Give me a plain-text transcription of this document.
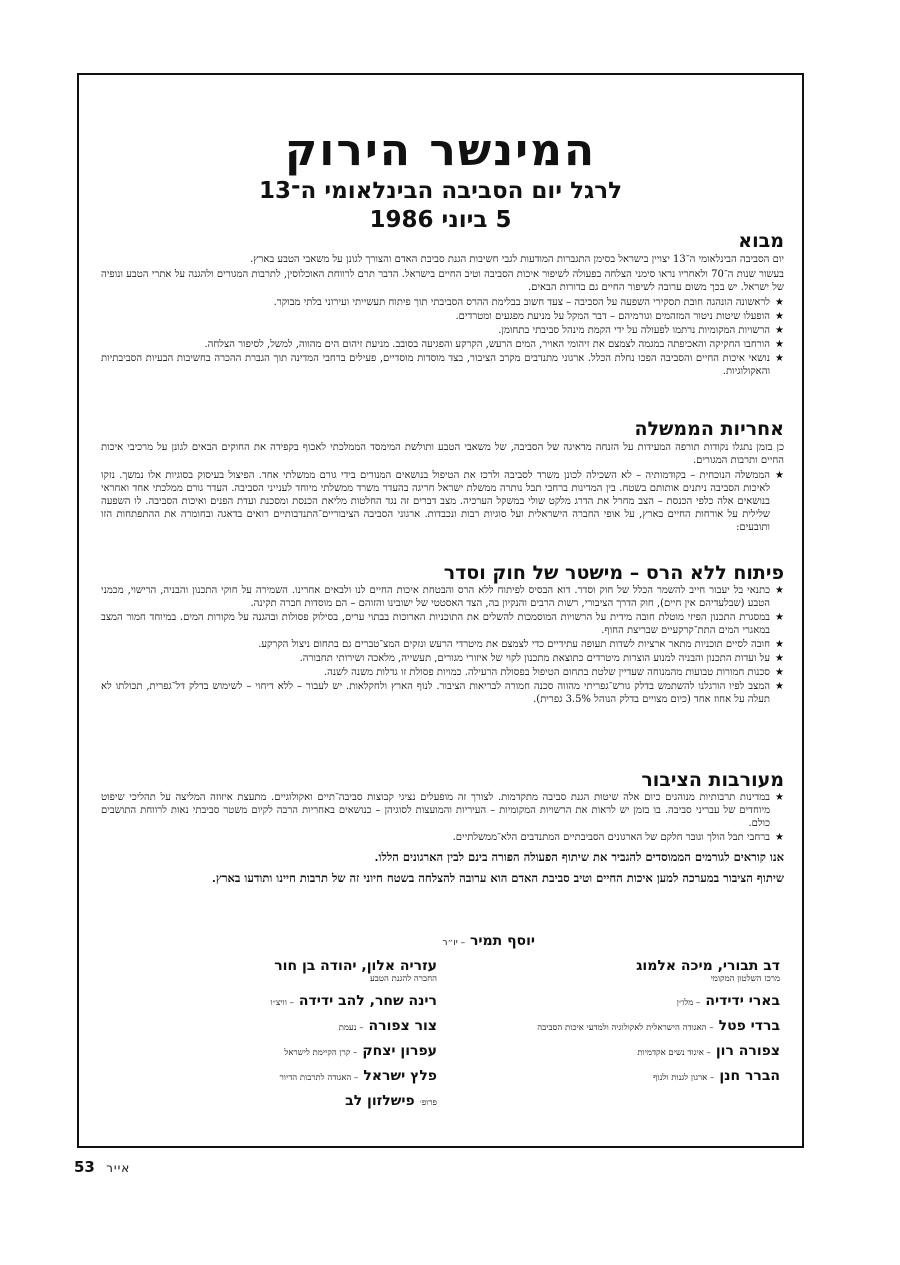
המינשר הירוק
לרגל יום הסביבה הבינלאומי ה־13
5 ביוני 1986
מבוא

יום הסביבה הבינלאומי ה־13 יצויין בישראל בסימן התגברות המודעות לגבי חשיבות הגנת סביבת האדם והצורך לגונן על משאבי הטבע בארץ.

בעשור שנות ה־70 ולאחריו נראו סימני הצלחה בפעולה לשיפור איכות הסביבה וטיב החיים בישראל. הדבר תרם לרווחת האוכלוסין, לתרבות המגורים ולהגנה על אתרי הטבע ונופיה של ישראל. יש בכך משום ערובה לשיפור החיים גם בדורות הבאים.

★
לראשונה הונהגה חובת תסקירי השפעה על הסביבה – צעד חשוב בבלימת ההרס הסביבתי תוך פיתוח תעשייתי ועירוני בלתי מבוקר.
★
הופעלו שיטות ניטור המזהמים וגורמיהם – דבר המקל על מניעת מפגעים ומטרדים.
★
הרשויות המקומיות נרתמו לפעולה על ידי הקמת מינהל סביבתי בתחומן.
★
הורחבו החקיקה והאכיפתה במגמה לצמצם את זיהומי האויר, המים הרעש, הקרקע והפגיעה בסובב. מניעת זיהום הים מהווה, למשל, לסיפור הצלחה.
★
נושאי איכות החיים והסביבה הפכו נחלת הכלל. ארגוני מתנדבים מקרב הציבור, בצד מוסדות מוסדיים, פעילים ברחבי המדינה תוך הגברת ההכרה בחשיבות הבעיות הסביבתיות והאקולוגיות.
אחריות הממשלה

כן בזמן נתגלו נקודות תורפה המעידות על הזנחה מדאיגה של הסביבה, של משאבי הטבע ותולשת המימסד הממלכתי לאכוף בקפידה את החוקים הבאים לגונן על מרכיבי איכות החיים ותרבות המגורים.

★
הממשלה הנוכחית – בקודמותיה – לא השכילה לכונן משרד לסביבה ולרכז את הטיפול בנושאים המנורים בידי גורם ממשלתי אחד. הפיצול בעיסוק בסוגיות אלו נמשך. נזקו לאיכות הסביבה ניתנים אותותם בשטח. בין המדינות ברחבי תבל נותרה ממשלת ישראל חריגה בהעדר משרד ממשלתי מיוחד לענייני הסביבה. העדר גורם ממלכתי אחד ואחראי בנושאים אלה כלפי הכנסת – הצב מחרל את הדרג מלקט שולי במשקל הערכיה. מצב דברים זה נגד החלטות מליאת הכנסת ומסכנת ועדת הפנים ואיכות הסביבה. לו השפעה שלילית על אורחות החיים בארץ, על אופי החברה הישראלית ועל סוגיות רבות ונכבדות. ארגוני הסביבה הציבוריים־התנדבותיים רואים בדאגה ובחומרה את ההתפתחות הזו ותובעים:
פיתוח ללא הרס – מישטר של חוק וסדר
★
כתנאי בל יעבור חייב להשמר הכלל של חוק וסדר. דוא הבסיס לפיתוח ללא הרס והבטחת איכות החיים לנו ולבאים אחרינו. השמירה על חוקי התכנון והבניה, הרישוי, מכמני הטבע (שבלעדיהם אין חיים), חוק הדרך הציבורי, רשות הרבים והנקיון בה, הצד האסטטי של ישובינו והזוהם – הם מוסדות חברה תקינה.
★
במסגרת התכנון הפיזי מוטלת חובה מידית על הרשויות המוסמכות להשלים את התוכניות הארוכות בבתוי ערים, בסילוק פסולות ובהגנה על מקורות המים. במיוחד חמור המצב במאגרי המים התת־קרקעיים שבריצת החוף.
★
חובה לסיים תוכניות מתאר ארציות לשדות תעופה עתידיים כדי לצמצם את מיטרדי הרעש ונזקים המצ־טברים גם בתחום ניצול הקרקע.
★
על ועדות התכנון והבניה למנוע הוצרות מיטרדים כתוצאת מתכנון לקוי של איזורי מגורים, תעשייה, מלאכה ושירותי תחבורה.
★
סכנות חמורות טבועות מהמנוחה שעדיין שלטת בתחום הטיפול בפסולת הרעילה. כמויות פסולת זו גדלות משנה לשנה.
★
המצב לפיו הורגלנו להשתמש בדלק גורש־גפריתי מהווה סכנה חמורה לבריאות הציבור. לנוף הארץ ולחקלאות. יש לעבור – ללא דיחוי – לשימוש בדלק דל־גפרית, תכולתו לא תעלה על אחוז אחד (כיום מצויים בדלק הנוהל 3.5% גפרית).
מעורבות הציבור
★
במדינות תרבותיות מנוהגים כיום אלה שיטות הגנת סביבה מתקדמות. לצורך זה מופעלים נציגי קבוצות סביבה־תיים ואקולוגיים. מתעצת איזוזה המליצה על תהליכי שיפוט מיוחדים של עבריני סביבה. בו בזמן יש לראות את הרשויות המקומיות – העיריות והמועצות לסוגיהן – כנושאים באחריות הרבה לקיום משטר סביבתי נאות לרווחת התושבים כולם.
★
ברחבי תבל הולך וגובר חלקם של הארגונים הסביבתיים המתנדבים הלא־ממשלתיים.

אנו קוראים לגורמים הממוסדים להגביר את שיתוף הפעולה הפורה בינם לבין הארגונים הללו.

שיתוף הציבור במערכה למען איכות החיים וטיב סביבת האדם הוא ערובה להצלחה בשטח חיוני זה של תרבות חיינו ותודעו בארץ.

יוסף תמיר – יו״ר
דב תבורי, מיכה אלמוג
מרכז השלטון המקומי
בארי ידידיה – מלו״ן
ברדי פטל – האגודה הישראלית לאקולוגיה ולמדעי איכות הסביבה
צפורה רון – איגוד נשים אקדמיות
הברר חנן – ארגון לגנות ולנוף
עזריה אלון, יהודה בן חור
החברה להגנת הטבע
רינה שחר, להב ידידה – וויצ״ו
צור צפורה – נעמת
עפרון יצחק – קרן הקיימת לישראל
פלץ ישראל – האגודה לתרבות הדיור
פרופ׳ פישלזון לב
53 אייר
